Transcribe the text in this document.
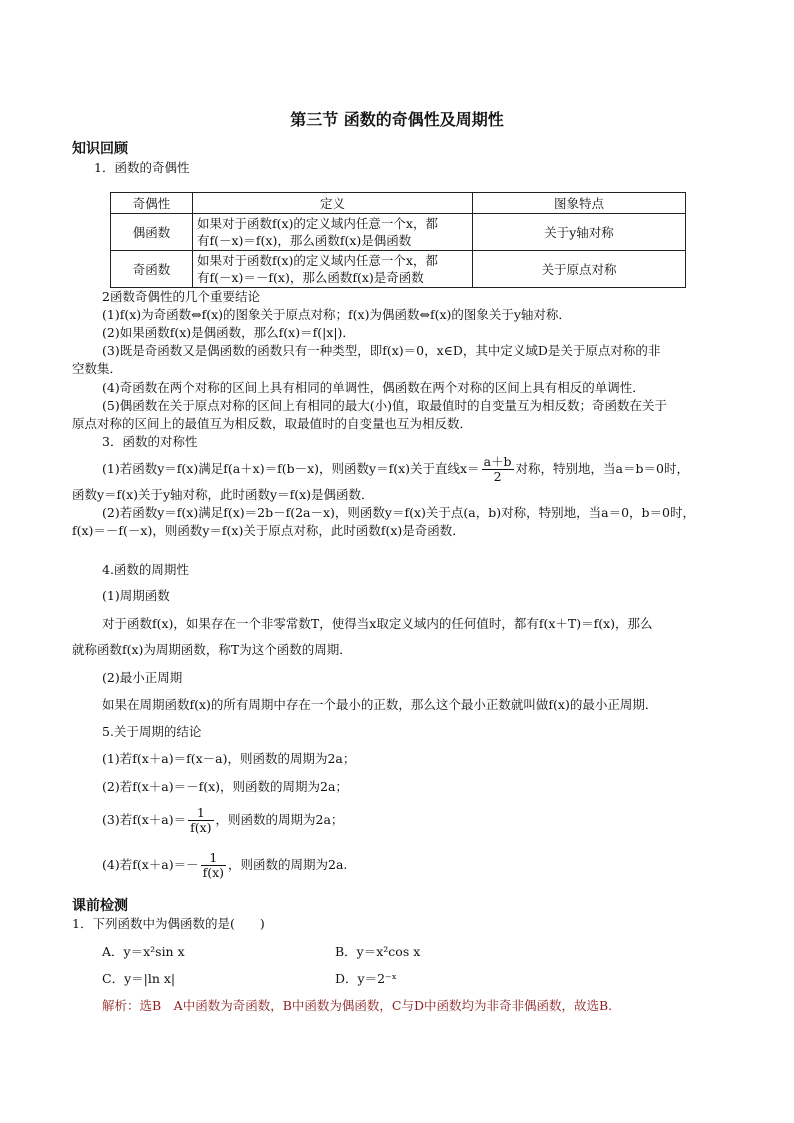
第三节 函数的奇偶性及周期性
知识回顾
1．函数的奇偶性
奇偶性	定义	图象特点
偶函数	如果对于函数f(x)的定义域内任意一个x，都
有f(－x)＝f(x)，那么函数f(x)是偶函数	关于y轴对称
奇函数	如果对于函数f(x)的定义域内任意一个x，都
有f(－x)＝－f(x)，那么函数f(x)是奇函数	关于原点对称
2函数奇偶性的几个重要结论
(1)f(x)为奇函数⇔f(x)的图象关于原点对称；f(x)为偶函数⇔f(x)的图象关于y轴对称．
(2)如果函数f(x)是偶函数，那么f(x)＝f(|x|)．
(3)既是奇函数又是偶函数的函数只有一种类型，即f(x)＝0，x∈D，其中定义域D是关于原点对称的非
空数集．
(4)奇函数在两个对称的区间上具有相同的单调性，偶函数在两个对称的区间上具有相反的单调性．
(5)偶函数在关于原点对称的区间上有相同的最大(小)值，取最值时的自变量互为相反数；奇函数在关于
原点对称的区间上的最值互为相反数，取最值时的自变量也互为相反数．
3．函数的对称性
(1)若函数y＝f(x)满足f(a＋x)＝f(b－x)，则函数y＝f(x)关于直线$x= \frac{a+b}{2}$ 对称，特别地，当a＝b＝0时，
函数y＝f(x)关于y轴对称，此时函数y＝f(x)是偶函数．
(2)若函数y＝f(x)满足f(x)＝2b－f(2a－x)，则函数y＝f(x)关于点(a，b)对称，特别地，当a＝0，b＝0时，
f(x)＝－f(－x)，则函数y＝f(x)关于原点对称，此时函数f(x)是奇函数．
4.函数的周期性
(1)周期函数
对于函数f(x)，如果存在一个非零常数T，使得当x取定义域内的任何值时，都有f(x＋T)＝f(x)，那么
就称函数f(x)为周期函数，称T为这个函数的周期．
(2)最小正周期
如果在周期函数f(x)的所有周期中存在一个最小的正数，那么这个最小正数就叫做f(x)的最小正周期．
5.关于周期的结论
(1)若f(x＋a)＝f(x－a)，则函数的周期为2a；
(2)若f(x＋a)＝－f(x)，则函数的周期为2a；
(3)若$f(x+a)= \frac{1}{f(x)}$ ，则函数的周期为2a；
(4)若$f(x+a)=- \frac{1}{f(x)}$ ，则函数的周期为2a.
课前检测
1．下列函数中为偶函数的是(　　)
A．y＝x²sin x	B．y＝x²cos x
C．y＝|ln x|	D．y＝2⁻ˣ
解析：选B　A中函数为奇函数，B中函数为偶函数，C与D中函数均为非奇非偶函数，故选B.
